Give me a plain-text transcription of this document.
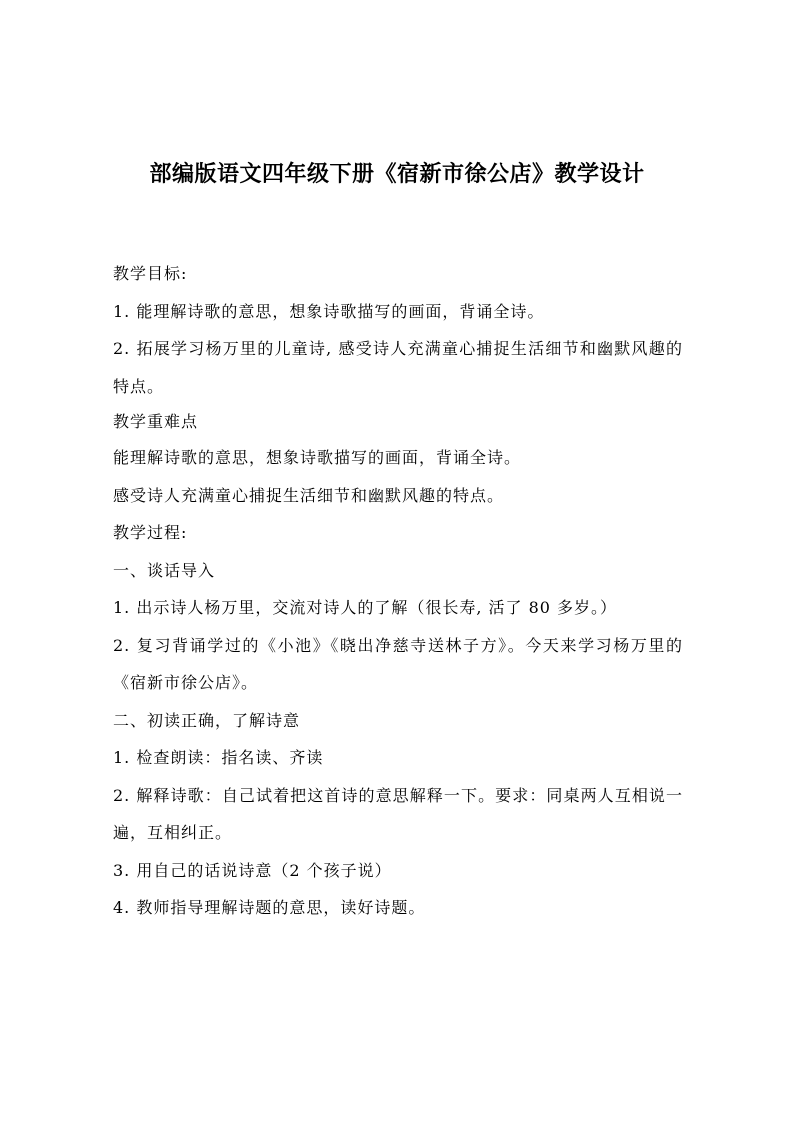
部编版语文四年级下册《宿新市徐公店》教学设计

教学目标:

1. 能理解诗歌的意思，想象诗歌描写的画面，背诵全诗。

2. 拓展学习杨万里的儿童诗, 感受诗人充满童心捕捉生活细节和幽默风趣的特点。

教学重难点

能理解诗歌的意思，想象诗歌描写的画面，背诵全诗。

感受诗人充满童心捕捉生活细节和幽默风趣的特点。

教学过程:

一、谈话导入

1. 出示诗人杨万里，交流对诗人的了解（很长寿, 活了 80 多岁。）

2. 复习背诵学过的《小池》《晓出净慈寺送林子方》。今天来学习杨万里的《宿新市徐公店》。

二、初读正确，了解诗意

1. 检查朗读：指名读、齐读

2. 解释诗歌：自己试着把这首诗的意思解释一下。要求：同桌两人互相说一遍，互相纠正。

3. 用自己的话说诗意（2 个孩子说）

4. 教师指导理解诗题的意思，读好诗题。
